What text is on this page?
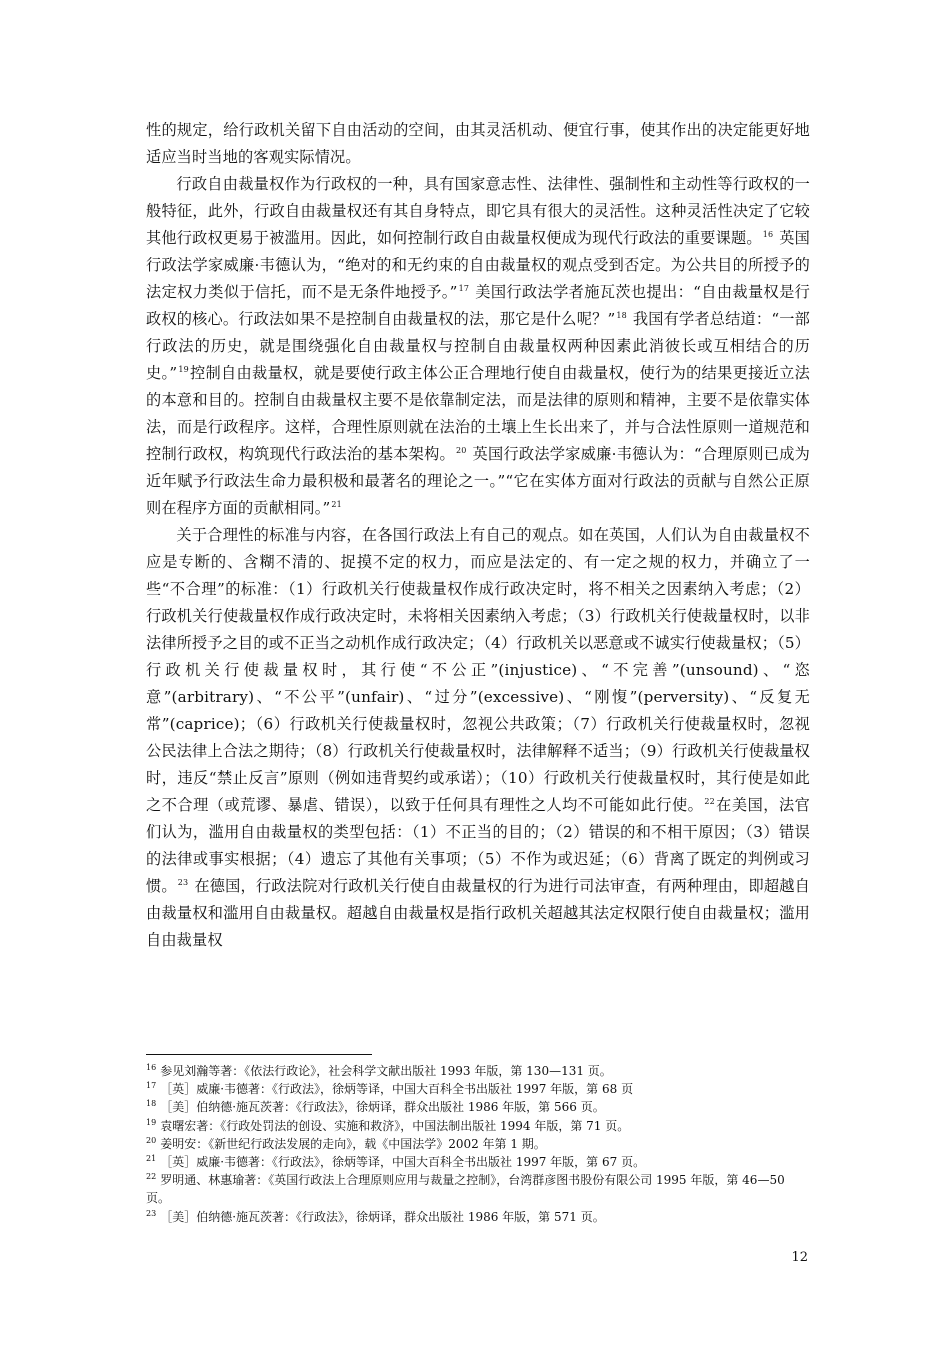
性的规定，给行政机关留下自由活动的空间，由其灵活机动、便宜行事，使其作出的决定能更好地适应当时当地的客观实际情况。

行政自由裁量权作为行政权的一种，具有国家意志性、法律性、强制性和主动性等行政权的一般特征，此外，行政自由裁量权还有其自身特点，即它具有很大的灵活性。这种灵活性决定了它较其他行政权更易于被滥用。因此，如何控制行政自由裁量权便成为现代行政法的重要课题。$^{16}$ 英国行政法学家威廉·韦德认为，“绝对的和无约束的自由裁量权的观点受到否定。为公共目的所授予的法定权力类似于信托，而不是无条件地授予。”$^{17}$ 美国行政法学者施瓦茨也提出：“自由裁量权是行政权的核心。行政法如果不是控制自由裁量权的法，那它是什么呢？”$^{18}$ 我国有学者总结道：“一部行政法的历史，就是围绕强化自由裁量权与控制自由裁量权两种因素此消彼长或互相结合的历史。”$^{19}$控制自由裁量权，就是要使行政主体公正合理地行使自由裁量权，使行为的结果更接近立法的本意和目的。控制自由裁量权主要不是依靠制定法，而是法律的原则和精神，主要不是依靠实体法，而是行政程序。这样，合理性原则就在法治的土壤上生长出来了，并与合法性原则一道规范和控制行政权，构筑现代行政法治的基本架构。$^{20}$ 英国行政法学家威廉·韦德认为：“合理原则已成为近年赋予行政法生命力最积极和最著名的理论之一。”“它在实体方面对行政法的贡献与自然公正原则在程序方面的贡献相同。”$^{21}$

关于合理性的标准与内容，在各国行政法上有自己的观点。如在英国，人们认为自由裁量权不应是专断的、含糊不清的、捉摸不定的权力，而应是法定的、有一定之规的权力，并确立了一些“不合理”的标准：（1）行政机关行使裁量权作成行政决定时，将不相关之因素纳入考虑；（2）行政机关行使裁量权作成行政决定时，未将相关因素纳入考虑；（3）行政机关行使裁量权时，以非法律所授予之目的或不正当之动机作成行政决定；（4）行政机关以恶意或不诚实行使裁量权；（5）行政机关行使裁量权时，其行使“不公正”(injustice)、“不完善”(unsound)、“恣意”(arbitrary)、“不公平”(unfair)、“过分”(excessive)、“刚愎”(perversity)、“反复无常”(caprice)；（6）行政机关行使裁量权时，忽视公共政策；（7）行政机关行使裁量权时，忽视公民法律上合法之期待；（8）行政机关行使裁量权时，法律解释不适当；（9）行政机关行使裁量权时，违反“禁止反言”原则（例如违背契约或承诺）；（10）行政机关行使裁量权时，其行使是如此之不合理（或荒谬、暴虐、错误），以致于任何具有理性之人均不可能如此行使。$^{22}$在美国，法官们认为，滥用自由裁量权的类型包括：（1）不正当的目的；（2）错误的和不相干原因；（3）错误的法律或事实根据；（4）遗忘了其他有关事项；（5）不作为或迟延；（6）背离了既定的判例或习惯。$^{23}$ 在德国，行政法院对行政机关行使自由裁量权的行为进行司法审查，有两种理由，即超越自由裁量权和滥用自由裁量权。超越自由裁量权是指行政机关超越其法定权限行使自由裁量权；滥用自由裁量权

$^{16}$ 参见刘瀚等著：《依法行政论》，社会科学文献出版社 1993 年版，第 130—131 页。

$^{17}$ ［英］威廉·韦德著：《行政法》，徐炳等译，中国大百科全书出版社 1997 年版，第 68 页

$^{18}$ ［美］伯纳德·施瓦茨著：《行政法》，徐炳译，群众出版社 1986 年版，第 566 页。

$^{19}$ 袁曙宏著：《行政处罚法的创设、实施和救济》，中国法制出版社 1994 年版，第 71 页。

$^{20}$ 姜明安：《新世纪行政法发展的走向》，载《中国法学》2002 年第 1 期。

$^{21}$ ［英］威廉·韦德著：《行政法》，徐炳等译，中国大百科全书出版社 1997 年版，第 67 页。

$^{22}$ 罗明通、林惠瑜著：《英国行政法上合理原则应用与裁量之控制》，台湾群彦图书股份有限公司 1995 年版，第 46—50 页。

$^{23}$ ［美］伯纳德·施瓦茨著：《行政法》，徐炳译，群众出版社 1986 年版，第 571 页。

12
